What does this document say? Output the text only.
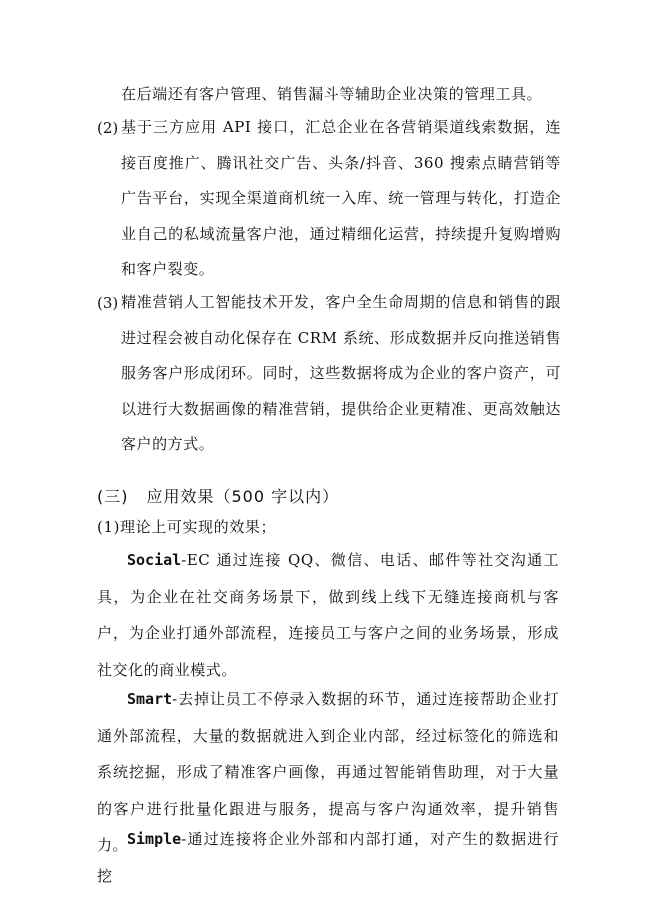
在后端还有客户管理、销售漏斗等辅助企业决策的管理工具。
(2) 基于三方应用 API 接口，汇总企业在各营销渠道线索数据，连接百度推广、腾讯社交广告、头条/抖音、360 搜索点睛营销等广告平台，实现全渠道商机统一入库、统一管理与转化，打造企业自己的私域流量客户池，通过精细化运营，持续提升复购增购和客户裂变。
(3) 精准营销人工智能技术开发，客户全生命周期的信息和销售的跟进过程会被自动化保存在 CRM 系统、形成数据并反向推送销售服务客户形成闭环。同时，这些数据将成为企业的客户资产，可以进行大数据画像的精准营销，提供给企业更精准、更高效触达客户的方式。
(三) 应用效果（500 字以内）
(1)理论上可实现的效果；
Social-EC 通过连接 QQ、微信、电话、邮件等社交沟通工具，为企业在社交商务场景下，做到线上线下无缝连接商机与客户，为企业打通外部流程，连接员工与客户之间的业务场景，形成社交化的商业模式。
Smart-去掉让员工不停录入数据的环节，通过连接帮助企业打通外部流程，大量的数据就进入到企业内部，经过标签化的筛选和系统挖掘，形成了精准客户画像，再通过智能销售助理，对于大量的客户进行批量化跟进与服务，提高与客户沟通效率，提升销售力。
Simple-通过连接将企业外部和内部打通，对产生的数据进行挖
